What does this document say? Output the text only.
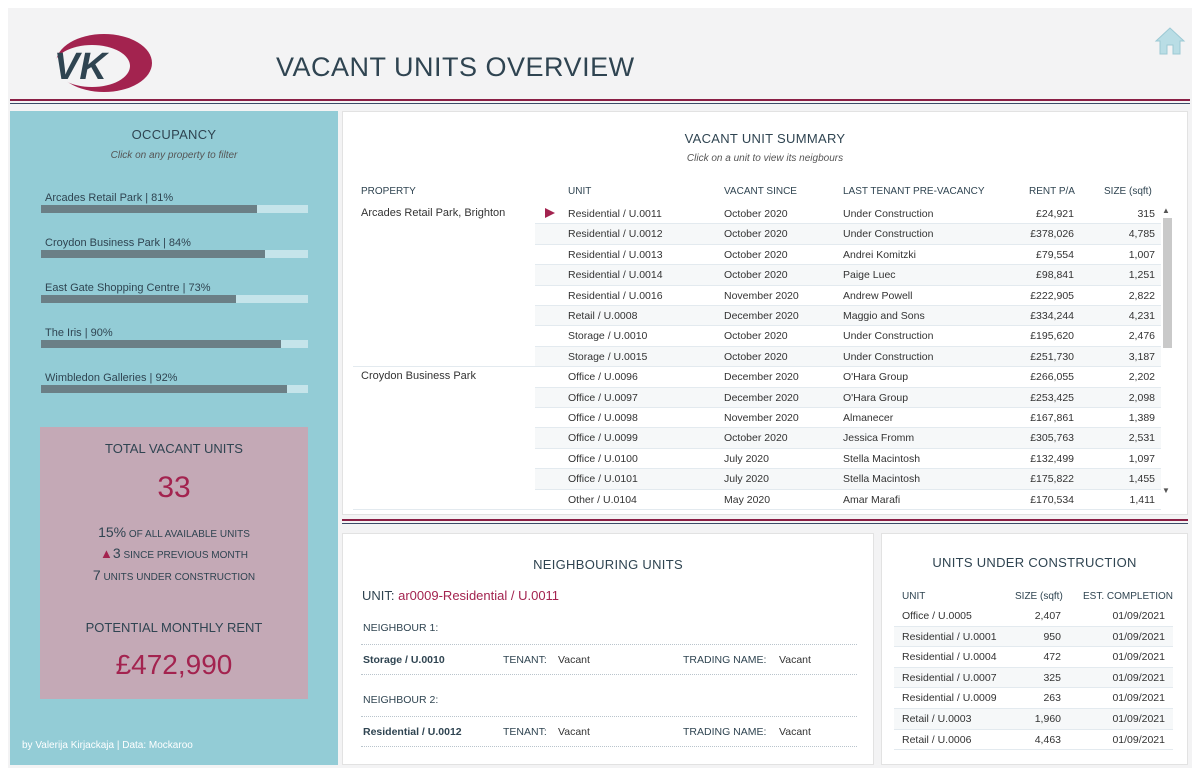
VK	VACANT UNITS OVERVIEW
OCCUPANCY
Click on any property to filter
Arcades Retail Park | 81%
Croydon Business Park | 84%
East Gate Shopping Centre | 73%
The Iris | 90%
Wimbledon Galleries | 92%
TOTAL VACANT UNITS
33
15% OF ALL AVAILABLE UNITS
▲3 SINCE PREVIOUS MONTH
7 UNITS UNDER CONSTRUCTION
POTENTIAL MONTHLY RENT
£472,990
by Valerija Kirjackaja | Data: Mockaroo
VACANT UNIT SUMMARY
Click on a unit to view its neigbours
PROPERTY	UNIT	VACANT SINCE	LAST TENANT PRE-VACANCY	RENT P/A	SIZE (sqft)
Arcades Retail Park, Brighton	Residential / U.0011	October 2020	Under Construction	£24,921	315
Residential / U.0012	October 2020	Under Construction	£378,026	4,785
Residential / U.0013	October 2020	Andrei Komitzki	£79,554	1,007
Residential / U.0014	October 2020	Paige Luec	£98,841	1,251
Residential / U.0016	November 2020	Andrew Powell	£222,905	2,822
Retail / U.0008	December 2020	Maggio and Sons	£334,244	4,231
Storage / U.0010	October 2020	Under Construction	£195,620	2,476
Storage / U.0015	October 2020	Under Construction	£251,730	3,187
Croydon Business Park	Office / U.0096	December 2020	O'Hara Group	£266,055	2,202
Office / U.0097	December 2020	O'Hara Group	£253,425	2,098
Office / U.0098	November 2020	Almanecer	£167,861	1,389
Office / U.0099	October 2020	Jessica Fromm	£305,763	2,531
Office / U.0100	July 2020	Stella Macintosh	£132,499	1,097
Office / U.0101	July 2020	Stella Macintosh	£175,822	1,455
Other / U.0104	May 2020	Amar Marafi	£170,534	1,411
▲
▼
NEIGHBOURING UNITS
UNIT: ar0009-Residential / U.0011
NEIGHBOUR 1:
Storage / U.0010	TENANT: Vacant	TRADING NAME: Vacant
NEIGHBOUR 2:
Residential / U.0012	TENANT: Vacant	TRADING NAME: Vacant
UNITS UNDER CONSTRUCTION
UNIT	SIZE (sqft) EST. COMPLETION
Office / U.0005	2,407	01/09/2021
Residential / U.0001	950	01/09/2021
Residential / U.0004	472	01/09/2021
Residential / U.0007	325	01/09/2021
Residential / U.0009	263	01/09/2021
Retail / U.0003	1,960	01/09/2021
Retail / U.0006	4,463	01/09/2021
